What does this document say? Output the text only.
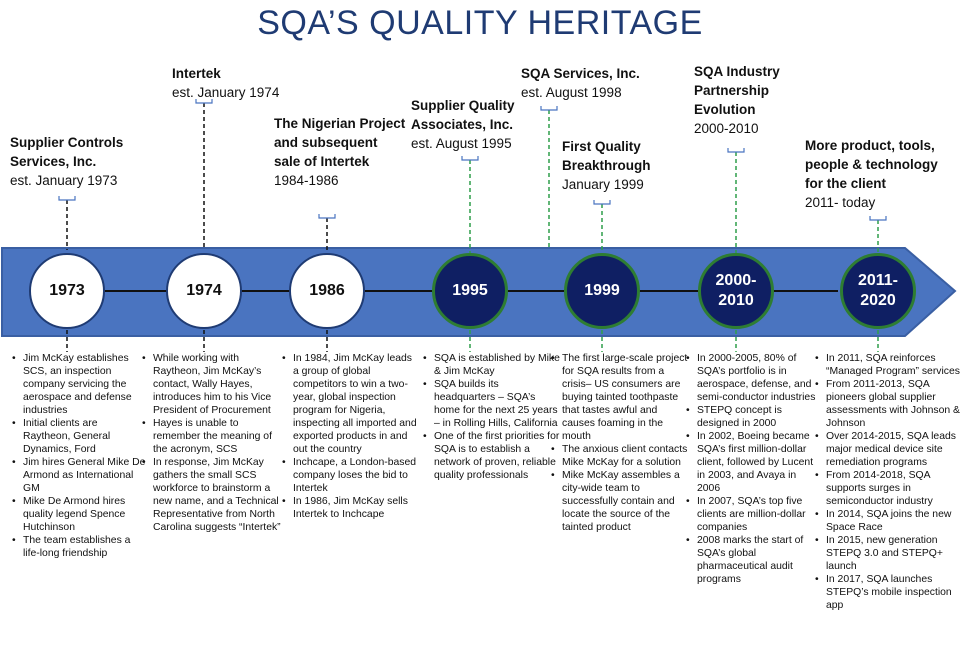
SQA’S QUALITY HERITAGE
Supplier Controls Services, Inc.
est. January 1973
Intertek
est. January 1974
The Nigerian Project and subsequent sale of Intertek
1984-1986
Supplier Quality Associates, Inc.
est. August 1995
SQA Services, Inc.
est. August 1998
First Quality Breakthrough
January 1999
SQA Industry Partnership Evolution
2000-2010
More product, tools, people & technology for the client
2011- today
1973	1974	1986	1995	1999
2000-2010
2011-2020
• Jim McKay establishes SCS, an inspection company servicing the aerospace and defense industries
• Initial clients are Raytheon, General Dynamics, Ford
• Jim hires General Mike De Armond as International GM
• Mike De Armond hires quality legend Spence Hutchinson
• The team establishes a life-long friendship
• While working with Raytheon, Jim McKay’s contact, Wally Hayes, introduces him to his Vice President of Procurement
• Hayes is unable to remember the meaning of the acronym, SCS
• In response, Jim McKay gathers the small SCS workforce to brainstorm a new name, and a Technical Representative from North Carolina suggests “Intertek”
• In 1984, Jim McKay leads a group of global competitors to win a two-year, global inspection program for Nigeria, inspecting all imported and exported products in and out the country
• Inchcape, a London-based company loses the bid to Intertek
• In 1986, Jim McKay sells Intertek to Inchcape
• SQA is established by Mike & Jim McKay
• SQA builds its headquarters – SQA’s home for the next 25 years – in Rolling Hills, California
• One of the first priorities for SQA is to establish a network of proven, reliable quality professionals
• The first large-scale project for SQA results from a crisis– US consumers are buying tainted toothpaste that tastes awful and causes foaming in the mouth
• The anxious client contacts Mike McKay for a solution
• Mike McKay assembles a city-wide team to successfully contain and locate the source of the tainted product
• In 2000-2005, 80% of SQA’s portfolio is in aerospace, defense, and semi-conductor industries
• STEPQ concept is designed in 2000
• In 2002, Boeing became SQA’s first million-dollar client, followed by Lucent in 2003, and Avaya in 2006
• In 2007, SQA’s top five clients are million-dollar companies
• 2008 marks the start of SQA’s global pharmaceutical audit programs
• In 2011, SQA reinforces “Managed Program” services
• From 2011-2013, SQA pioneers global supplier assessments with Johnson & Johnson
• Over 2014-2015, SQA leads major medical device site remediation programs
• From 2014-2018, SQA supports surges in semiconductor industry
• In 2014, SQA joins the new Space Race
• In 2015, new generation STEPQ 3.0 and STEPQ+ launch
• In 2017, SQA launches STEPQ’s mobile inspection app
